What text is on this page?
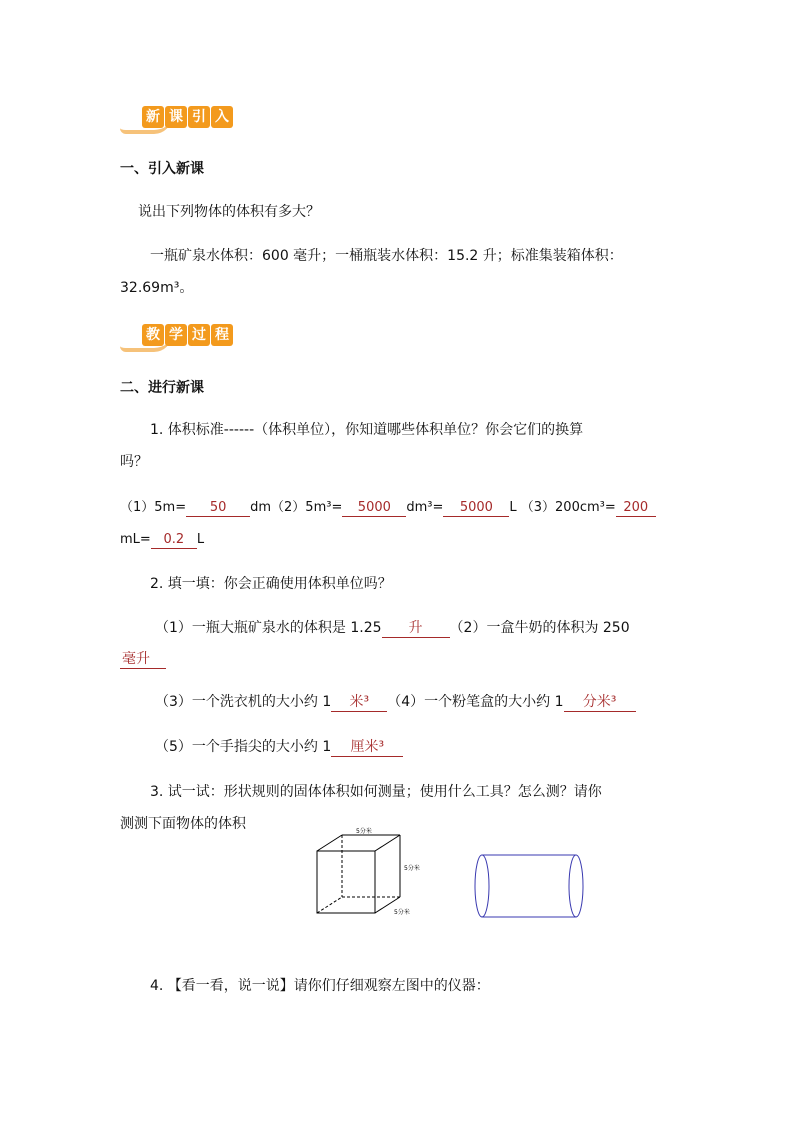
新 课 引 入
一、引入新课
说出下列物体的体积有多大？
一瓶矿泉水体积：600 毫升；一桶瓶装水体积：15.2 升；标准集装箱体积：
32.69m³。
教 学 过 程
二、进行新课
1. 体积标准------（体积单位），你知道哪些体积单位？你会它们的换算
吗？
（1）5m= 50 dm（2）5m³= 5000 dm³= 5000 L （3）200cm³= 200
mL= 0.2 L
2. 填一填：你会正确使用体积单位吗？
（1）一瓶大瓶矿泉水的体积是 1.25 升 （2）一盒牛奶的体积为 250
毫升
（3）一个洗衣机的大小约 1 米³ （4）一个粉笔盒的大小约 1 分米³
（5）一个手指尖的大小约 1 厘米³
3. 试一试：形状规则的固体体积如何测量；使用什么工具？怎么测？请你
测测下面物体的体积	5分米
5分米
5分米
4. 【看一看，说一说】请你们仔细观察左图中的仪器：
